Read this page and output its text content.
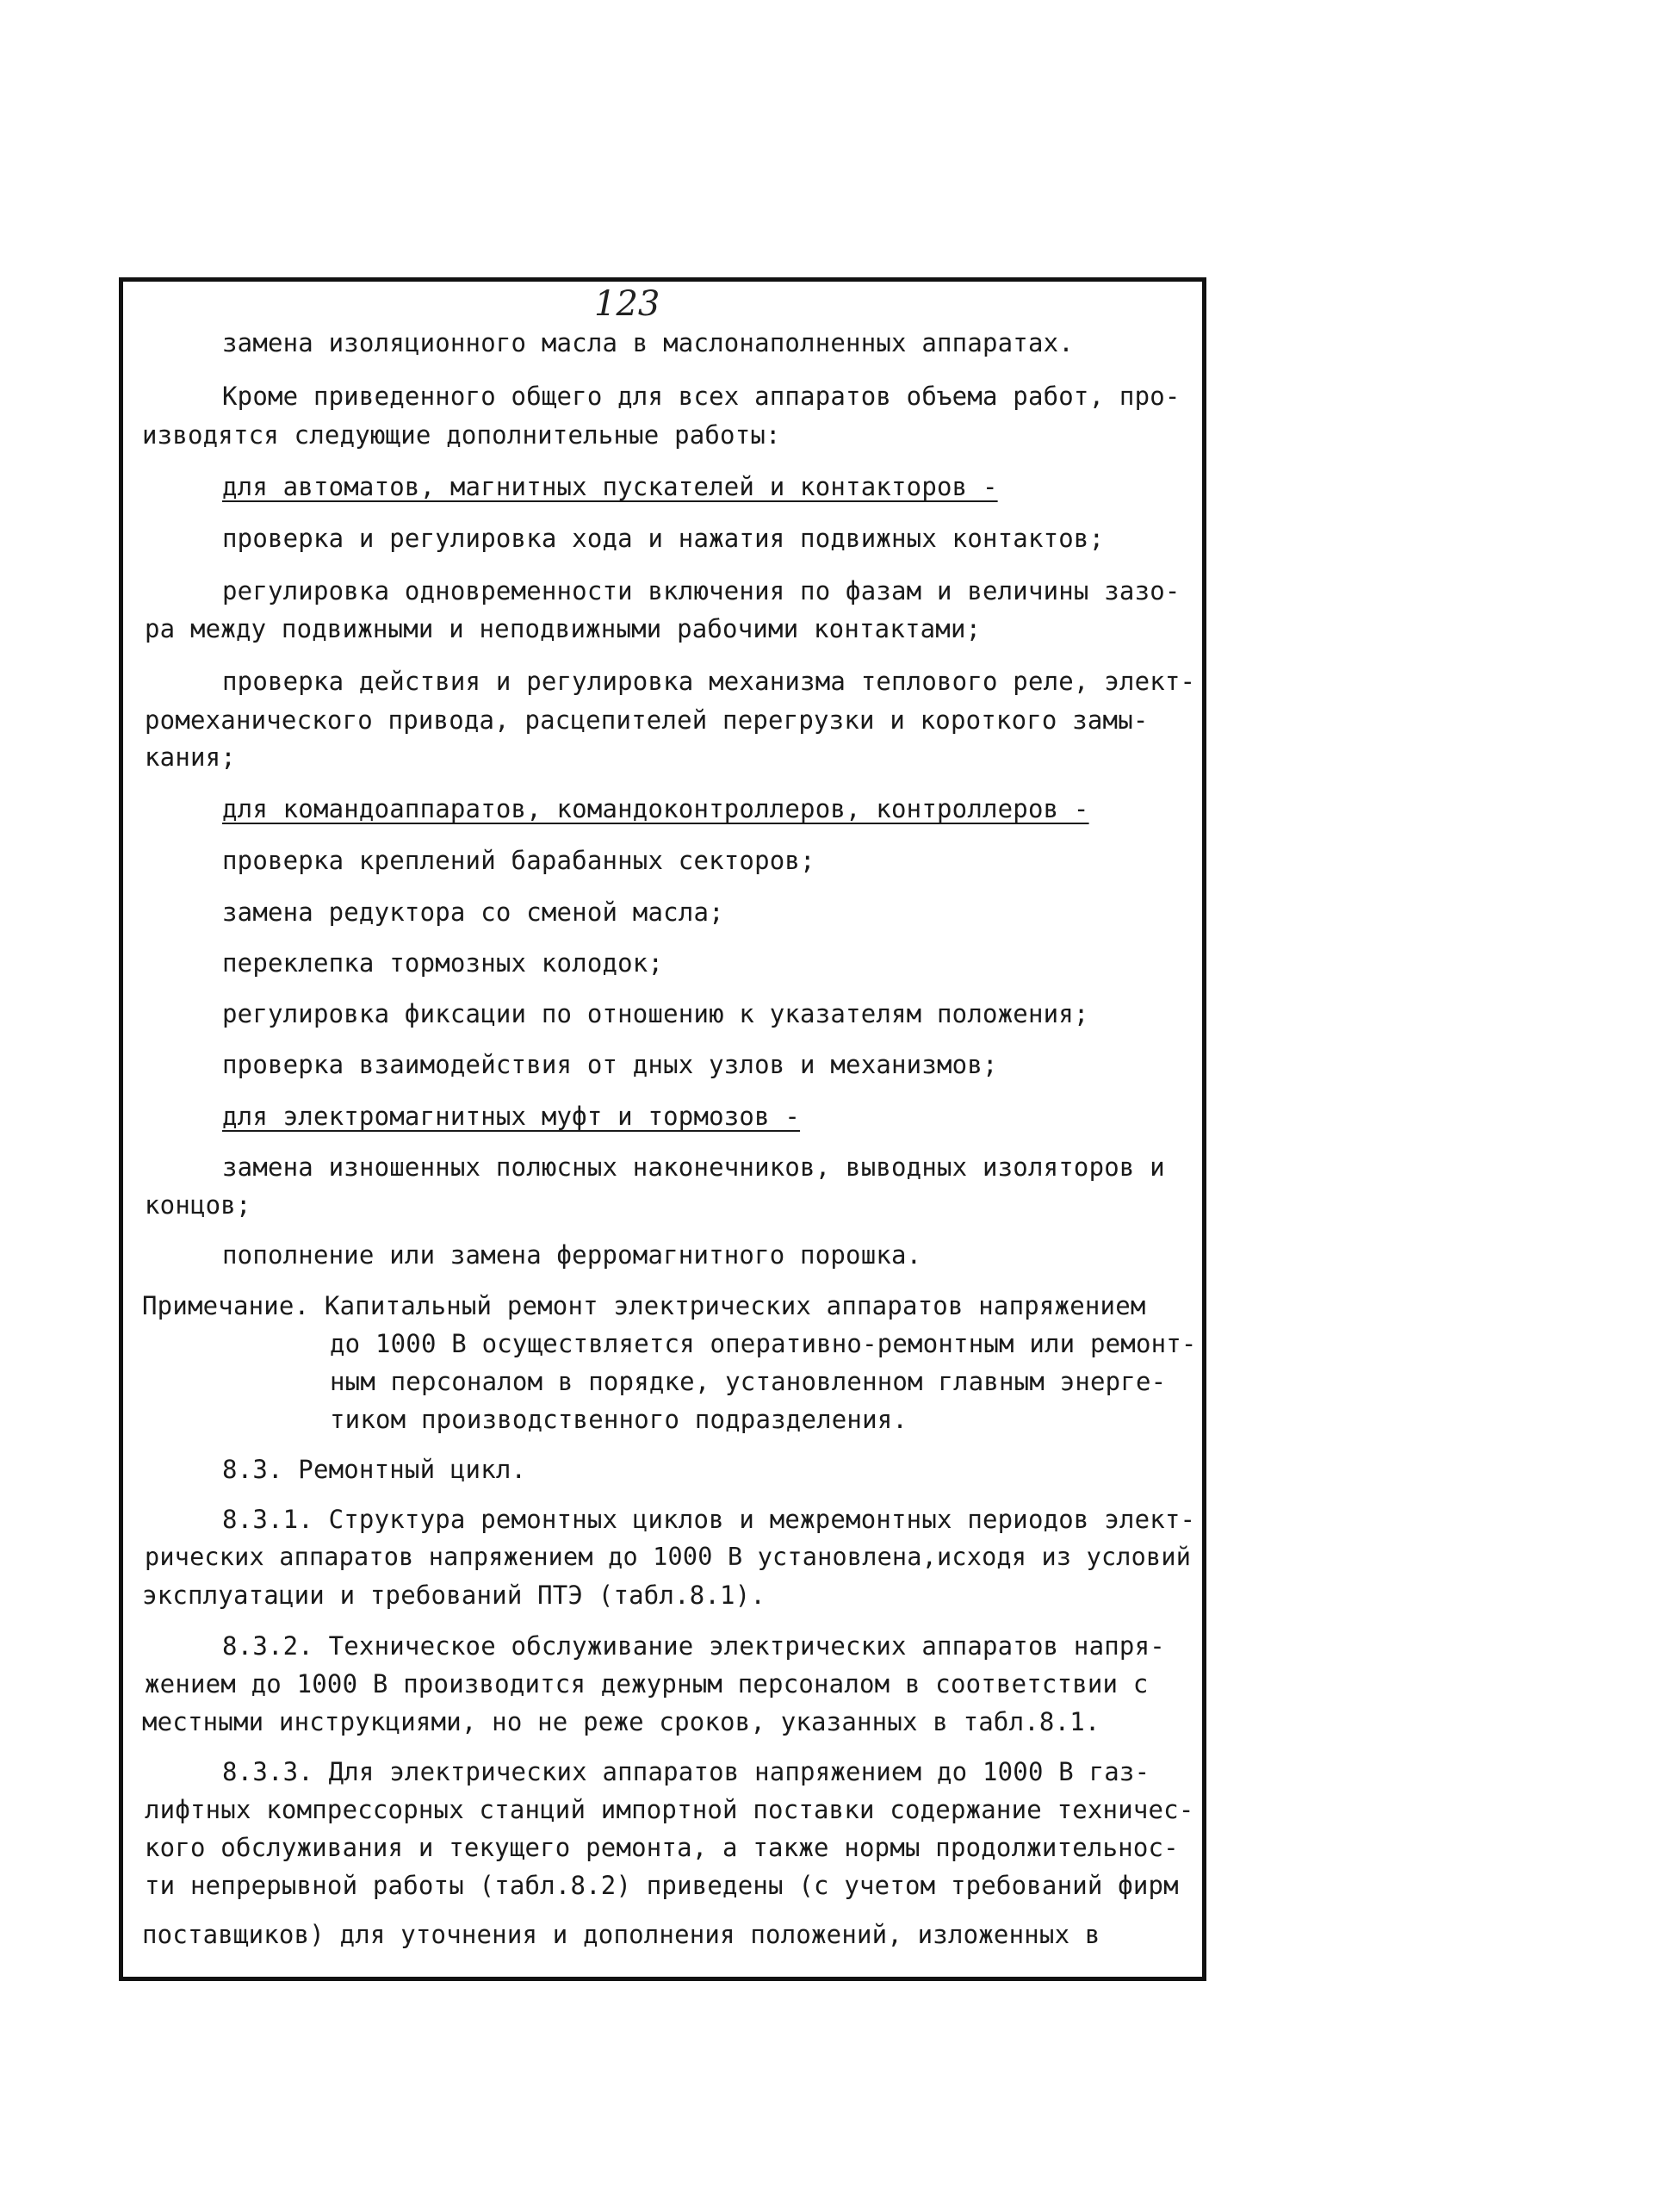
123
замена изоляционного масла в маслонаполненных аппаратах.
Кроме приведенного общего для всех аппаратов объема работ, про-
изводятся следующие дополнительные работы:
для автоматов, магнитных пускателей и контакторов -
проверка и регулировка хода и нажатия подвижных контактов;
регулировка одновременности включения по фазам и величины зазо-
ра между подвижными и неподвижными рабочими контактами;
проверка действия и регулировка механизма теплового реле, элект-
ромеханического привода, расцепителей перегрузки и короткого замы-
кания;
для командоаппаратов, командоконтроллеров, контроллеров -
проверка креплений барабанных секторов;
замена редуктора со сменой масла;
переклепка тормозных колодок;
регулировка фиксации по отношению к указателям положения;
проверка взаимодействия от дных узлов и механизмов;
для электромагнитных муфт и тормозов -
замена изношенных полюсных наконечников, выводных изоляторов и
концов;
пополнение или замена ферромагнитного порошка.
Примечание. Капитальный ремонт электрических аппаратов напряжением
до 1000 В осуществляется оперативно-ремонтным или ремонт-
ным персоналом в порядке, установленном главным энерге-
тиком производственного подразделения.
8.3. Ремонтный цикл.
8.3.1. Структура ремонтных циклов и межремонтных периодов элект-
рических аппаратов напряжением до 1000 В установлена,исходя из условий
эксплуатации и требований ПТЭ (табл.8.1).
8.3.2. Техническое обслуживание электрических аппаратов напря-
жением до 1000 В производится дежурным персоналом в соответствии с
местными инструкциями, но не реже сроков, указанных в табл.8.1.
8.3.3. Для электрических аппаратов напряжением до 1000 В газ-
лифтных компрессорных станций импортной поставки содержание техничес-
кого обслуживания и текущего ремонта, а также нормы продолжительнос-
ти непрерывной работы (табл.8.2) приведены (с учетом требований фирм
поставщиков) для уточнения и дополнения положений, изложенных в
